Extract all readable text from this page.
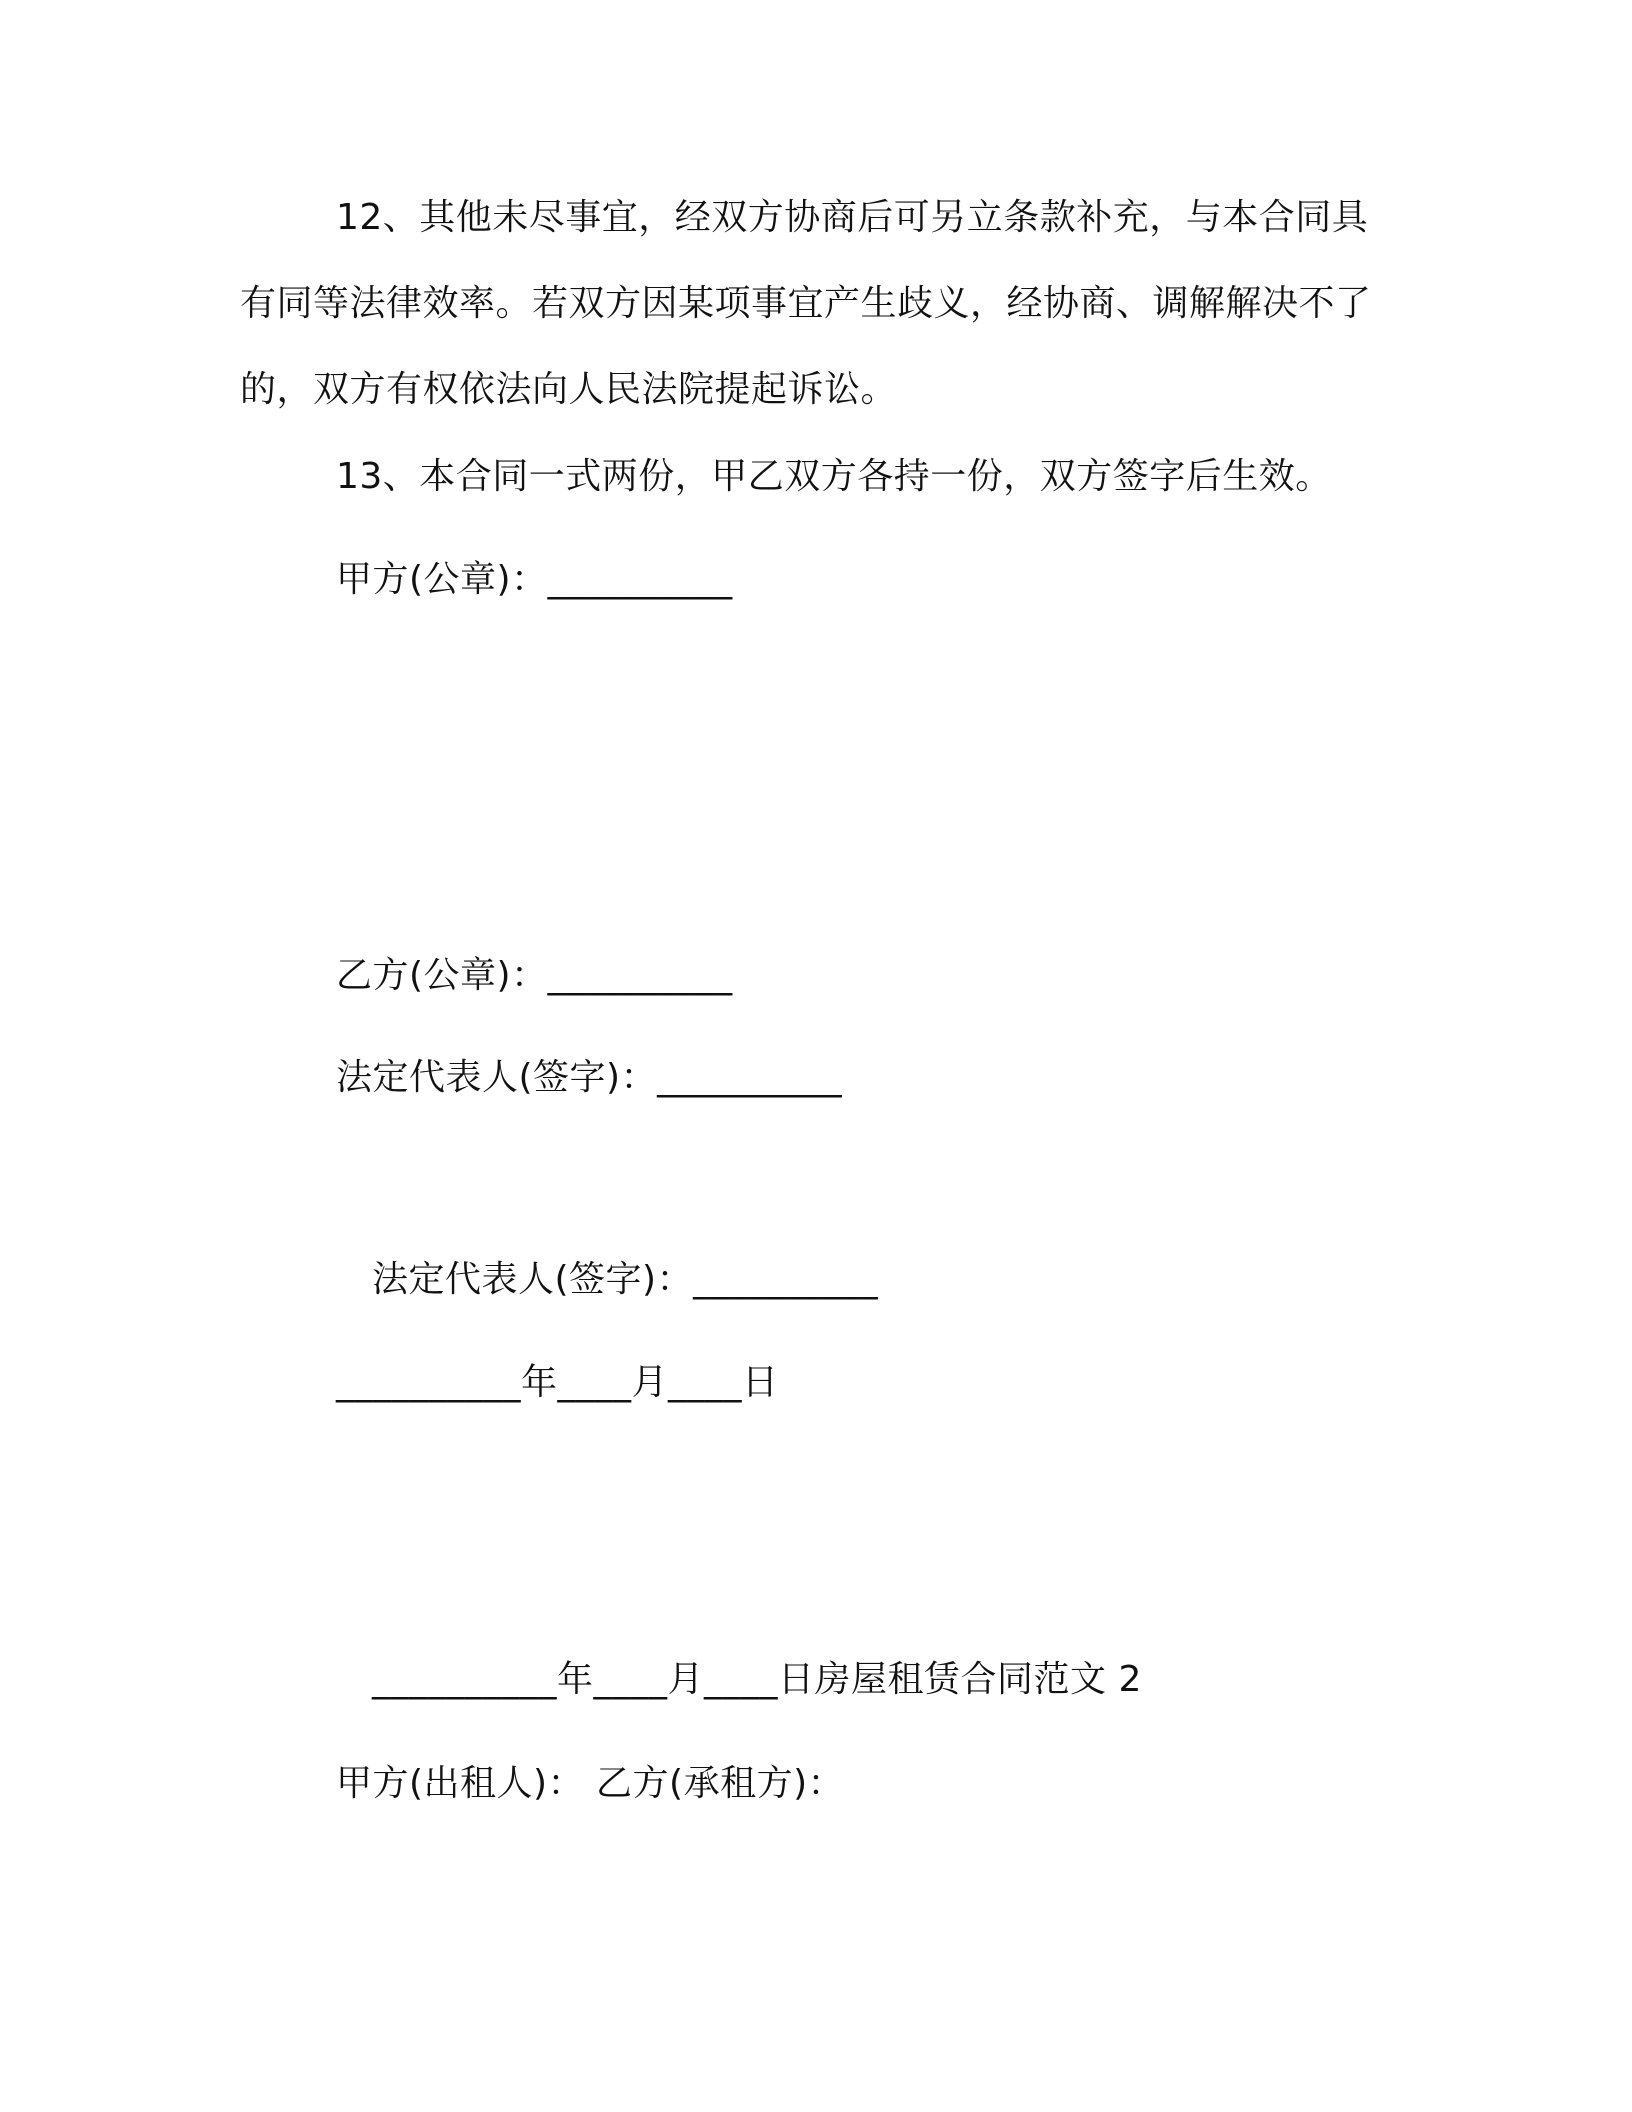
12、其他未尽事宜，经双方协商后可另立条款补充，与本合同具有同等法律效率。若双方因某项事宜产生歧义，经协商、调解解决不了的，双方有权依法向人民法院提起诉讼。
13、本合同一式两份，甲乙双方各持一份，双方签字后生效。
甲方(公章)：__________
乙方(公章)：__________
法定代表人(签字)：__________
法定代表人(签字)：__________
__________年____月____日
__________年____月____日房屋租赁合同范文 2
甲方(出租人)： 乙方(承租方)：
